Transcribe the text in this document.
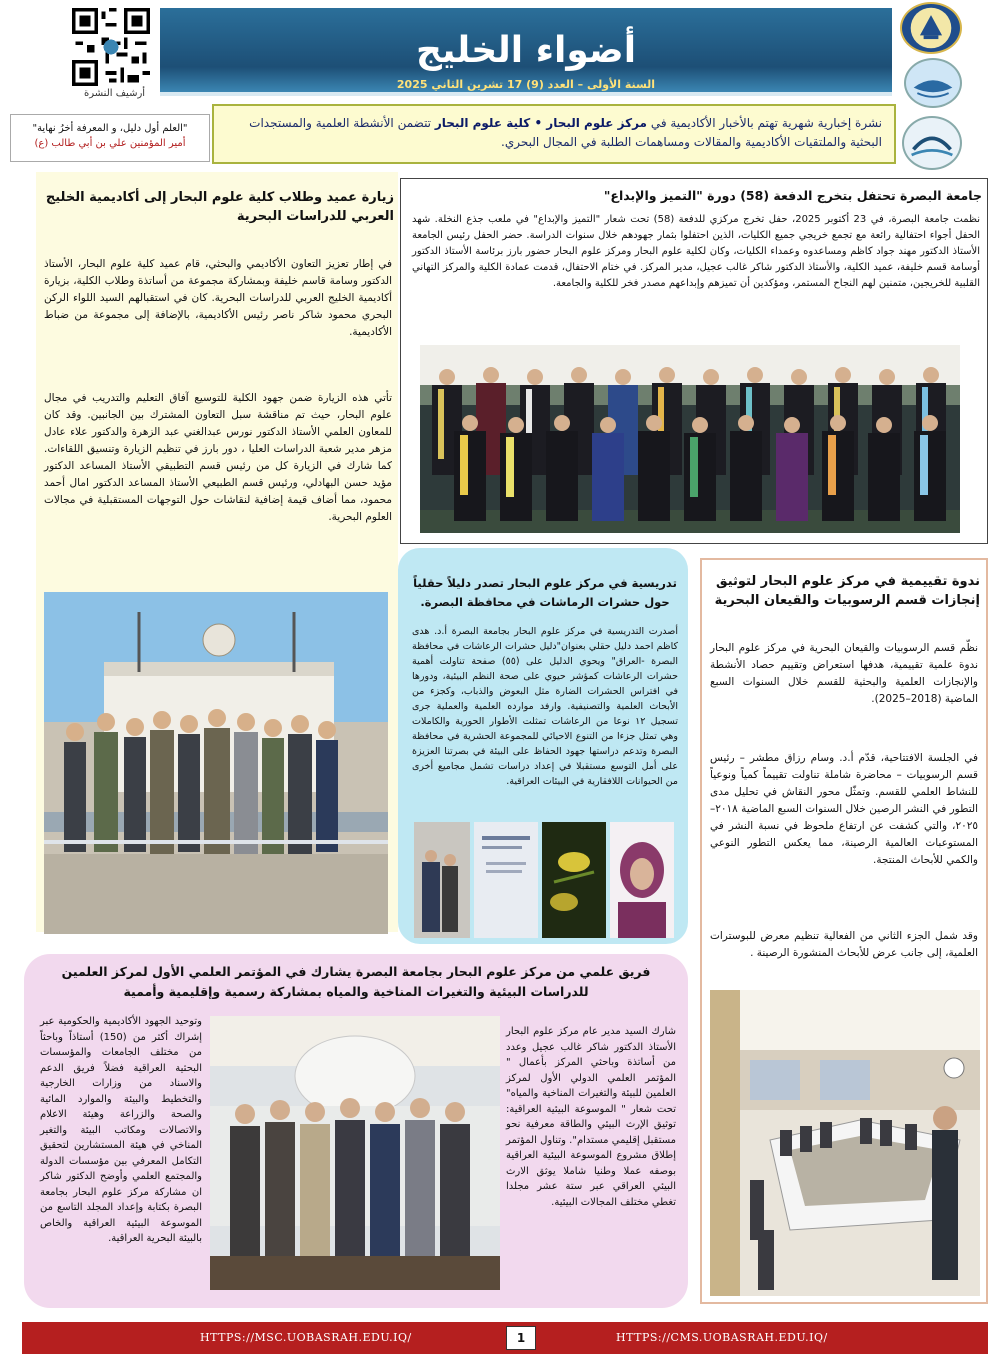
أرشيف النشرة
أضواء الخليج
السنة الأولى – العدد (9) 17 تشرين الثاني 2025
"العلم أول دليل، و المعرفة أخرُ نهاية"
أمير المؤمنين علي بن أبي طالب (ع)
نشرة إخبارية شهرية تهتم بالأخبار الأكاديمية في مركز علوم البحار • كلية علوم البحار تتضمن الأنشطة العلمية والمستجدات البحثية والملتقيات الأكاديمية والمقالات ومساهمات الطلبة في المجال البحري.
زيارة عميد وطلاب كلية علوم البحار إلى أكاديمية الخليج العربي للدراسات البحرية
في إطار تعزيز التعاون الأكاديمي والبحثي، قام عميد كلية علوم البحار، الأستاذ الدكتور وسامة قاسم خليفة وبمشاركة مجموعة من أساتذة وطلاب الكلية، بزيارة أكاديمية الخليج العربي للدراسات البحرية. كان في استقبالهم السيد اللواء الركن البحري محمود شاكر ناصر رئيس الأكاديمية، بالإضافة إلى مجموعة من ضباط الأكاديمية.
تأتي هذه الزيارة ضمن جهود الكلية للتوسيع آفاق التعليم والتدريب في مجال علوم البحار، حيث تم مناقشة سبل التعاون المشترك بين الجانبين. وقد كان للمعاون العلمي الأستاذ الدكتور نورس عبدالغني عبد الزهرة والدكتور علاء عادل مزهر مدير شعبة الدراسات العليا ، دور بارز في تنظيم الزيارة وتنسيق اللقاءات. كما شارك في الزيارة كل من رئيس قسم التطبيقي الأستاذ المساعد الدكتور مؤيد حسن البهادلي، ورئيس قسم الطبيعي الأستاذ المساعد الدكتور امال أحمد محمود، مما أضاف قيمة إضافية لنقاشات حول التوجهات المستقبلية في مجالات العلوم البحرية.
جامعة البصرة تحتفل بتخرج الدفعة (58) دورة "التميز والإبداع"
نظمت جامعة البصرة، في 23 أكتوبر 2025، حفل تخرج مركزي للدفعة (58) تحت شعار "التميز والإبداع" في ملعب جذع النخلة. شهد الحفل أجواء احتفالية رائعة مع تجمع خريجي جميع الكليات، الذين احتفلوا بثمار جهودهم خلال سنوات الدراسة. حضر الحفل رئيس الجامعة الأستاذ الدكتور مهند جواد كاظم ومساعدوه وعمداء الكليات، وكان لكلية علوم البحار ومركز علوم البحار حضور بارز برئاسة الأستاذ الدكتور أوسامة قسم خليفة، عميد الكلية، والأستاذ الدكتور شاكر غالب عجيل، مدير المركز. في ختام الاحتفال، قدمت عمادة الكلية والمركز التهاني القلبية للخريجين، متمنين لهم النجاح المستمر، ومؤكدين أن تميزهم وإبداعهم مصدر فخر للكلية والجامعة.
تدريسية في مركز علوم البحار تصدر دليلاً حقلياً حول حشرات الرماشات في محافظة البصرة.
أصدرت التدريسية في مركز علوم البحار بجامعة البصرة أ.د. هدى كاظم احمد دليل حقلي بعنوان"دليل حشرات الرعاشات في محافظة البصرة -العراق" ويحوي الدليل على (٥٥) صفحة تناولت أهمية حشرات الرعاشات كمؤشر حيوي على صحة النظم البيئية، ودورها في افتراس الحشرات الضارة مثل البعوض والذباب، وكجزء من الأبحاث العلمية والتصنيفية. وارفد موارده العلمية والعملية جرى تسجيل ١٢ نوعا من الرعاشات تمثلت الأطوار الحورية والكاملات وهي تمثل جزءا من التنوع الاحيائي للمجموعة الحشرية في محافظة البصرة وتدعم دراستها جهود الحفاظ على البيئة في بصرتنا العزيزة على أمل التوسع مستقبلا في إعداد دراسات تشمل مجاميع أخرى من الحيوانات اللافقارية في البيئات العراقية.
ندوة تقييمية في مركز علوم البحار لتوثيق إنجازات قسم الرسوبيات والقيعان البحرية
نظّم قسم الرسوبيات والقيعان البحرية في مركز علوم البحار ندوة علمية تقييمية، هدفها استعراض وتقييم حصاد الأنشطة والإنجازات العلمية والبحثية للقسم خلال السنوات السبع الماضية (2018–2025).
في الجلسة الافتتاحية، قدّم أ.د. وسام رزاق مطشر – رئيس قسم الرسوبيات – محاضرة شاملة تناولت تقييماً كمياً ونوعياً للنشاط العلمي للقسم. وتمثّل محور النقاش في تحليل مدى التطور في النشر الرصين خلال السنوات السبع الماضية ٢٠١٨–٢٠٢٥، والتي كشفت عن ارتفاع ملحوظ في نسبة النشر في المستوعبات العالمية الرصينة، مما يعكس التطور النوعي والكمي للأبحاث المنتجة.
وقد شمل الجزء الثاني من الفعالية تنظيم معرض للبوسترات العلمية، إلى جانب عرض للأبحاث المنشورة الرصينة .
فريق علمي من مركز علوم البحار بجامعة البصرة يشارك في المؤتمر العلمي الأول لمركز العلمين
للدراسات البيئية والتغيرات المناخية والمياه بمشاركة رسمية وإقليمية وأممية
شارك السيد مدير عام مركز علوم البحار الأستاذ الدكتور شاكر غالب عجيل وعدد من أساتذة وباحثي المركز بأعمال " المؤتمر العلمي الدولي الأول لمركز العلمين للبيئة والتغيرات المناخية والمياه" تحت شعار " الموسوعة البيئية العراقية: توثيق الإرث البيئي والطاقة معرفية نحو مستقبل إقليمي مستدام". وتناول المؤتمر إطلاق مشروع الموسوعة البيئية العراقية بوصفه عملا وطنيا شاملا يوثق الارث البيئي العراقي عبر ستة عشر مجلدا تغطي مختلف المجالات البيئية.
وتوحيد الجهود الأكاديمية والحكومية عبر إشراك أكثر من (150) أستاذاً وباحثاً من مختلف الجامعات والمؤسسات البحثية العراقية فضلاً فريق الدعم والاسناد من وزارات الخارجية والتخطيط والبيئة والموارد المائية والصحة والزراعة وهيئة الاعلام والاتصالات ومكاتب البيئة والتغير المناخي في هيئة المستشارين لتحقيق التكامل المعرفي بين مؤسسات الدولة والمجتمع العلمي وأوضح الدكتور شاكر ان مشاركة مركز علوم البحار بجامعة البصرة بكتابة وإعداد المجلد التاسع من الموسوعة البيئية العراقية والخاص بالبيئة البحرية العراقية.
HTTPS://MSC.UOBASRAH.EDU.IQ/	HTTPS://CMS.UOBASRAH.EDU.IQ/
1
